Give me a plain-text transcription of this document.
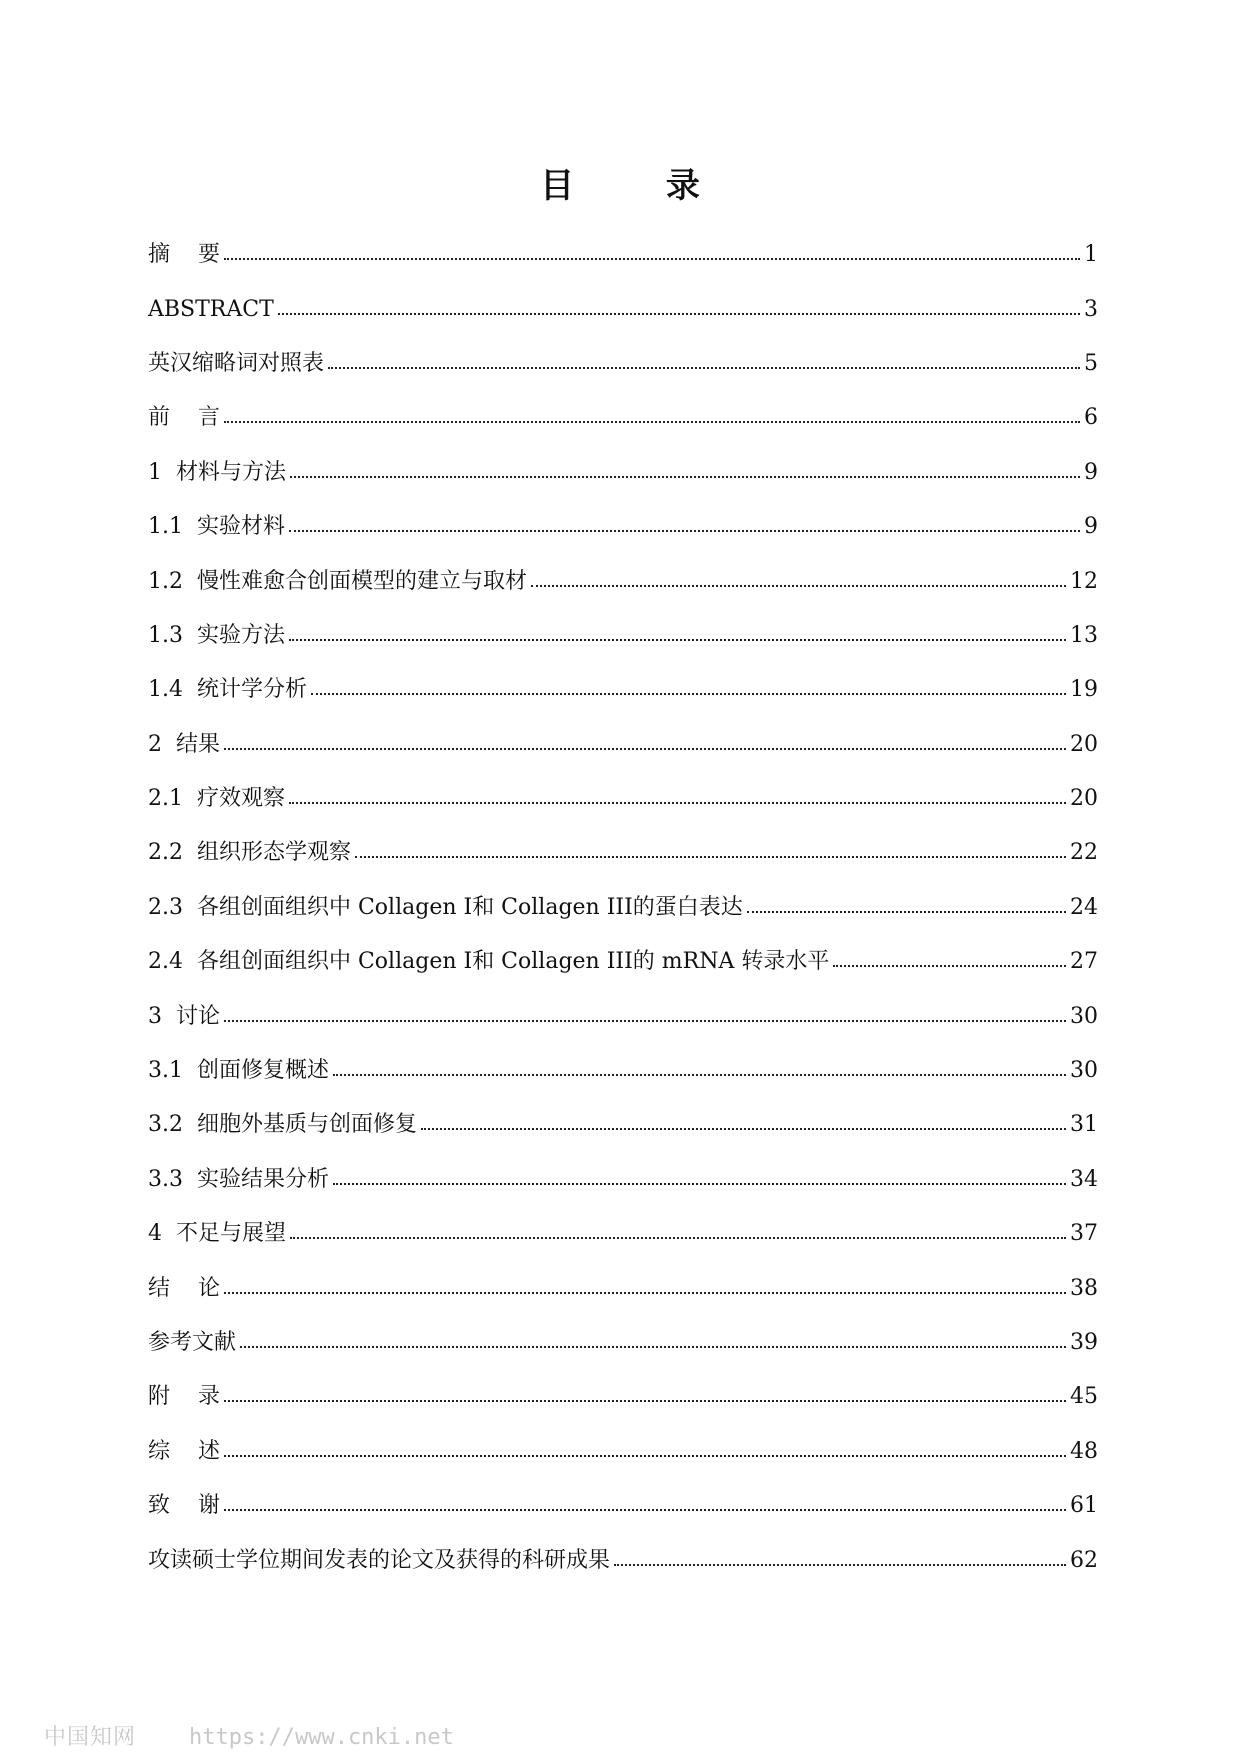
目 录
摘    要	1
ABSTRACT	3
英汉缩略词对照表	5
前    言	6
1  材料与方法	9
1.1  实验材料	9
1.2  慢性难愈合创面模型的建立与取材	12
1.3  实验方法	13
1.4  统计学分析	19
2  结果	20
2.1  疗效观察	20
2.2  组织形态学观察	22
2.3  各组创面组织中 Collagen I和 Collagen III的蛋白表达	24
2.4  各组创面组织中 Collagen I和 Collagen III的 mRNA 转录水平	27
3  讨论	30
3.1  创面修复概述	30
3.2  细胞外基质与创面修复	31
3.3  实验结果分析	34
4  不足与展望	37
结    论	38
参考文献	39
附    录	45
综    述	48
致    谢	61
攻读硕士学位期间发表的论文及获得的科研成果	62
中国知网 https://www.cnki.net
